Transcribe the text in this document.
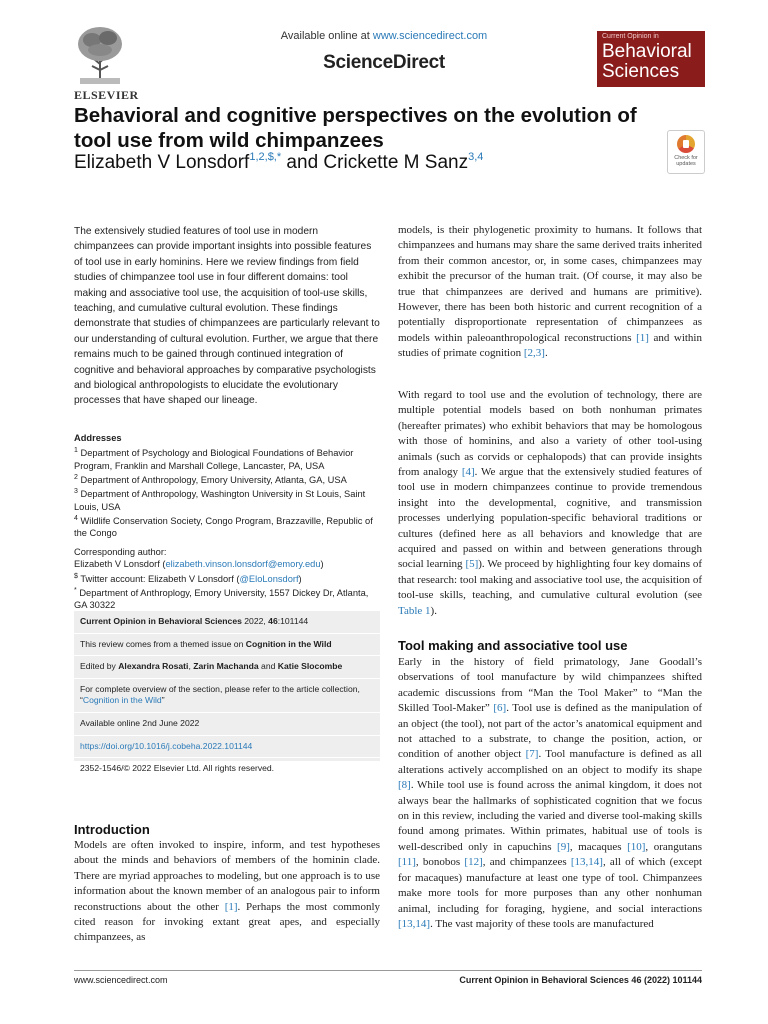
ELSEVIER
Available online at www.sciencedirect.com
ScienceDirect
Current Opinion in
Behavioral
Sciences
Behavioral and cognitive perspectives on the evolution of tool use from wild chimpanzees
Elizabeth V Lonsdorf$^{1,2,\$,*}$ and Crickette M Sanz$^{3,4}$	Check for updates
The extensively studied features of tool use in modern chimpanzees can provide important insights into possible features of tool use in early hominins. Here we review findings from field studies of chimpanzee tool use in four different domains: tool making and associative tool use, the acquisition of tool-use skills, teaching, and cumulative cultural evolution. These findings demonstrate that studies of chimpanzees are particularly relevant to our understanding of cultural evolution. Further, we argue that there remains much to be gained through continued integration of cognitive and behavioral approaches by comparative psychologists and biological anthropologists to elucidate the evolutionary processes that have shaped our lineage.
Addresses

$^1$ Department of Psychology and Biological Foundations of Behavior Program, Franklin and Marshall College, Lancaster, PA, USA

$^2$ Department of Anthropology, Emory University, Atlanta, GA, USA

$^3$ Department of Anthropology, Washington University in St Louis, Saint Louis, USA

$^4$ Wildlife Conservation Society, Congo Program, Brazzaville, Republic of the Congo

Corresponding author:

Elizabeth V Lonsdorf (elizabeth.vinson.lonsdorf@emory.edu)

$ Twitter account: Elizabeth V Lonsdorf (@EloLonsdorf)

* Department of Anthroplogy, Emory University, 1557 Dickey Dr, Atlanta, GA 30322

Current Opinion in Behavioral Sciences 2022, 46:101144
This review comes from a themed issue on Cognition in the Wild
Edited by Alexandra Rosati, Zarin Machanda and Katie Slocombe
For complete overview of the section, please refer to the article collection, “Cognition in the Wild”
Available online 2nd June 2022
https://doi.org/10.1016/j.cobeha.2022.101144
2352-1546/© 2022 Elsevier Ltd. All rights reserved.
Introduction
Models are often invoked to inspire, inform, and test hypotheses about the minds and behaviors of members of the hominin clade. There are myriad approaches to modeling, but one approach is to use information about the known member of an analogous pair to inform reconstructions about the other [1]. Perhaps the most commonly cited reason for invoking extant great apes, and especially chimpanzees, as
models, is their phylogenetic proximity to humans. It follows that chimpanzees and humans may share the same derived traits inherited from their common ancestor, or, in some cases, chimpanzees may exhibit the precursor of the human trait. (Of course, it may also be true that chimpanzees are derived and humans are primitive). However, there has been both historic and current recognition of a potentially disproportionate representation of chimpanzees as models within paleoanthropological reconstructions [1] and within studies of primate cognition [2,3].
With regard to tool use and the evolution of technology, there are multiple potential models based on both nonhuman primates (hereafter primates) who exhibit behaviors that may be homologous with those of hominins, and also a variety of other tool-using animals (such as corvids or cephalopods) that can provide insights from analogy [4]. We argue that the extensively studied features of tool use in modern chimpanzees continue to provide tremendous insight into the developmental, cognitive, and transmission processes underlying population-specific behavioral traditions or cultures (defined here as all behaviors and knowledge that are acquired and passed on within and between generations through social learning [5]). We proceed by highlighting four key domains of that research: tool making and associative tool use, the acquisition of tool-use skills, teaching, and cumulative cultural evolution (see Table 1).
Tool making and associative tool use
Early in the history of field primatology, Jane Goodall’s observations of tool manufacture by wild chimpanzees shifted academic discussions from “Man the Tool Maker” to “Man the Skilled Tool-Maker” [6]. Tool use is defined as the manipulation of an object (the tool), not part of the actor’s anatomical equipment and not attached to a substrate, to change the position, action, or condition of another object [7]. Tool manufacture is defined as all alterations actively accomplished on an object to modify its shape [8]. While tool use is found across the animal kingdom, it does not always bear the hallmarks of sophisticated cognition that we focus on in this review, including the varied and diverse tool-making skills found among primates. Within primates, habitual use of tools is well-described only in capuchins [9], macaques [10], orangutans [11], bonobos [12], and chimpanzees [13,14], all of which (except for macaques) manufacture at least one type of tool. Chimpanzees make more tools for more purposes than any other nonhuman animal, including for foraging, hygiene, and social interactions [13,14]. The vast majority of these tools are manufactured
www.sciencedirect.com	Current Opinion in Behavioral Sciences 46 (2022) 101144
